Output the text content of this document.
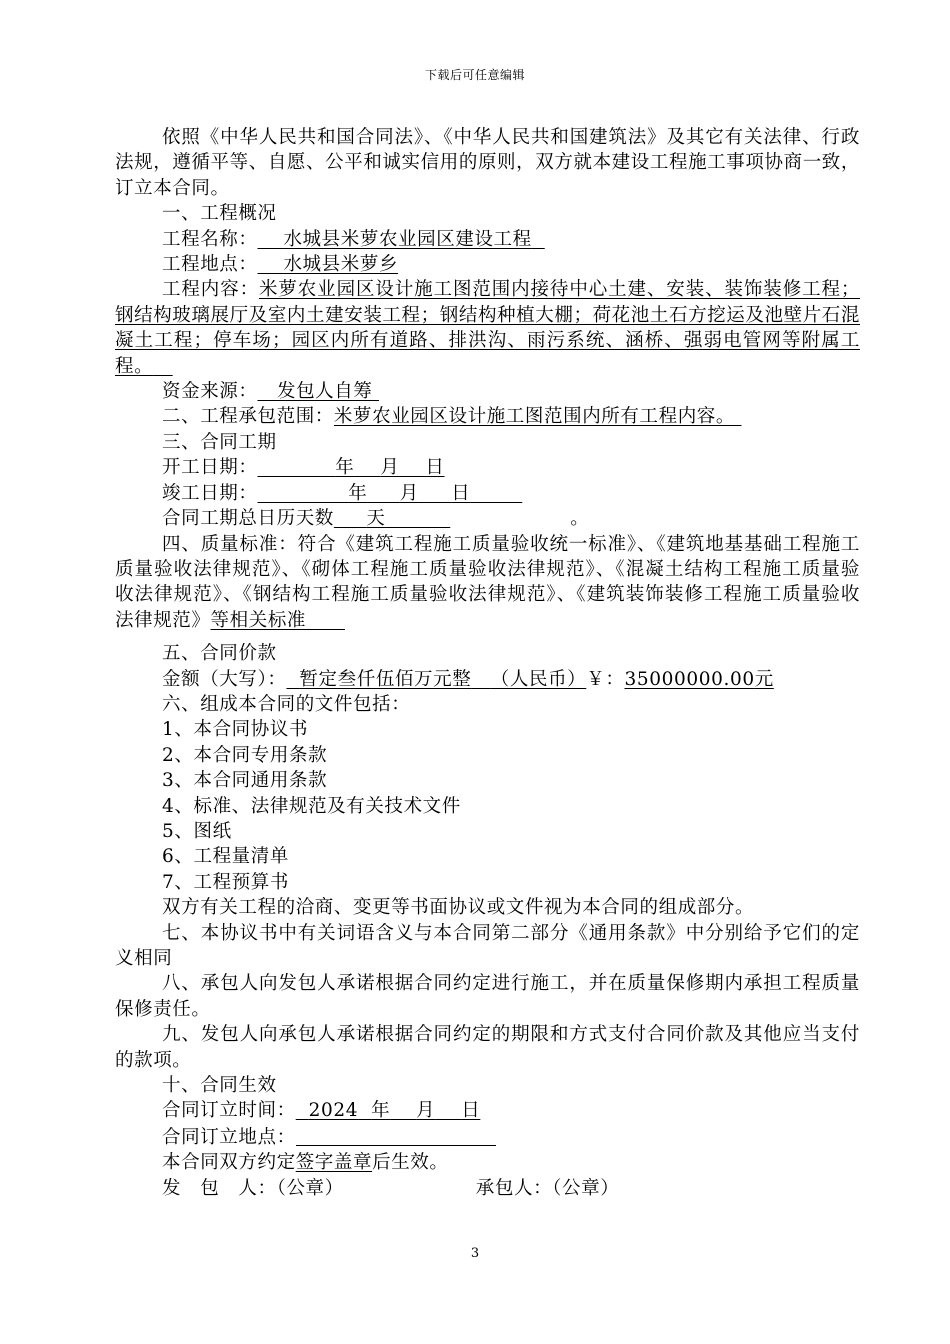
下载后可任意编辑

依照《中华人民共和国合同法》、《中华人民共和国建筑法》及其它有关法律、行政法规，遵循平等、自愿、公平和诚实信用的原则，双方就本建设工程施工事项协商一致，订立本合同。

一、工程概况

工程名称： 水城县米萝农业园区建设工程

工程地点： 水城县米萝乡

工程内容：米萝农业园区设计施工图范围内接待中心土建、安装、装饰装修工程；钢结构玻璃展厅及室内土建安装工程；钢结构种植大棚；荷花池土石方挖运及池壁片石混凝土工程；停车场；园区内所有道路、排洪沟、雨污系统、涵桥、强弱电管网等附属工程。

资金来源： 发包人自筹

二、工程承包范围：米萝农业园区设计施工图范围内所有工程内容。

三、合同工期

开工日期：	年 月 日

竣工日期：	年 月 日

合同工期总日历天数 天	。

四、质量标准：符合《建筑工程施工质量验收统一标准》、《建筑地基基础工程施工质量验收法律规范》、《砌体工程施工质量验收法律规范》、《混凝土结构工程施工质量验收法律规范》、《钢结构工程施工质量验收法律规范》、《建筑装饰装修工程施工质量验收法律规范》等相关标准

五、合同价款

金额（大写）： 暂定叁仟伍佰万元整 （人民币）￥：35000000.00元

六、组成本合同的文件包括：

1、本合同协议书

2、本合同专用条款

3、本合同通用条款

4、标准、法律规范及有关技术文件

5、图纸

6、工程量清单

7、工程预算书

双方有关工程的洽商、变更等书面协议或文件视为本合同的组成部分。

七、本协议书中有关词语含义与本合同第二部分《通用条款》中分别给予它们的定义相同

八、承包人向发包人承诺根据合同约定进行施工，并在质量保修期内承担工程质量保修责任。

九、发包人向承包人承诺根据合同约定的期限和方式支付合同价款及其他应当支付的款项。

十、合同生效

合同订立时间： 2024 年 月 日

合同订立地点：

本合同双方约定签字盖章后生效。

发　包　人：（公章）	承包人：（公章）

3
